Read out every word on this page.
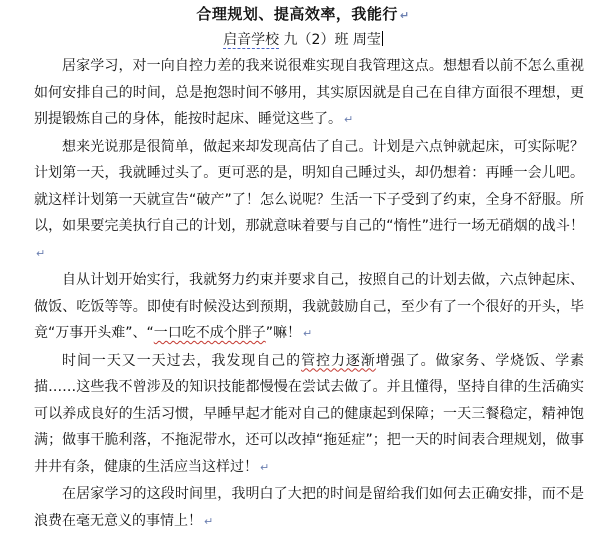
合理规划、提高效率，我能行 ↵
启音学校 九（2）班 周莹

居家学习，对一向自控力差的我来说很难实现自我管理这点。想想看以前不怎么重视如何安排自己的时间，总是抱怨时间不够用，其实原因就是自己在自律方面很不理想，更别提锻炼自己的身体，能按时起床、睡觉这些了。 ↵

想来光说那是很简单，做起来却发现高估了自己。计划是六点钟就起床，可实际呢？计划第一天，我就睡过头了。更可恶的是，明知自己睡过头，却仍想着：再睡一会儿吧。就这样计划第一天就宣告“破产”了！怎么说呢？生活一下子受到了约束，全身不舒服。所以，如果要完美执行自己的计划，那就意味着要与自己的“惰性”进行一场无硝烟的战斗！↵

自从计划开始实行，我就努力约束并要求自己，按照自己的计划去做，六点钟起床、做饭、吃饭等等。即使有时候没达到预期，我就鼓励自己，至少有了一个很好的开头，毕竟“万事开头难”、“一口吃不成个胖子”嘛！ ↵

时间一天又一天过去，我发现自己的管控力逐渐增强了。做家务、学烧饭、学素描……这些我不曾涉及的知识技能都慢慢在尝试去做了。并且懂得，坚持自律的生活确实可以养成良好的生活习惯，早睡早起才能对自己的健康起到保障；一天三餐稳定，精神饱满；做事干脆利落，不拖泥带水，还可以改掉“拖延症”；把一天的时间表合理规划，做事井井有条，健康的生活应当这样过！ ↵

在居家学习的这段时间里，我明白了大把的时间是留给我们如何去正确安排，而不是浪费在毫无意义的事情上！ ↵
